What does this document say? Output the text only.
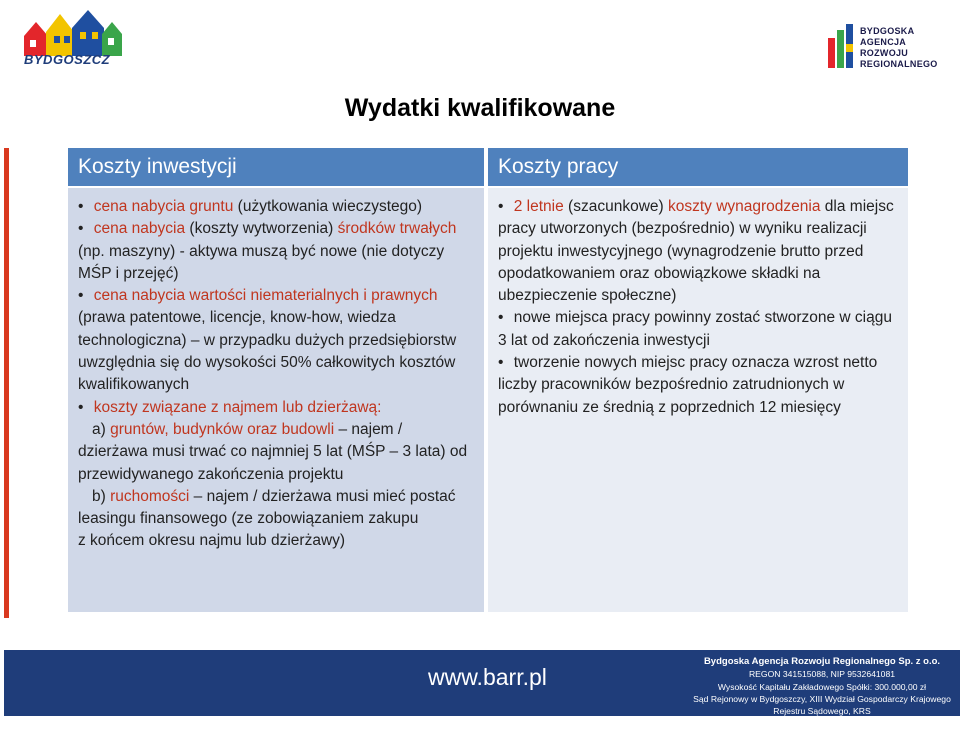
BYDGOSZCZ
BYDGOSKA
AGENCJA
ROZWOJU
REGIONALNEGO
Wydatki kwalifikowane
Koszty inwestycji

• cena nabycia gruntu (użytkowania wieczystego)

• cena nabycia (koszty wytworzenia) środków trwałych (np. maszyny) - aktywa muszą być nowe (nie dotyczy MŚP i przejęć)

• cena nabycia wartości niematerialnych i prawnych (prawa patentowe, licencje, know-how, wiedza technologiczna) – w przypadku dużych przedsiębiorstw uwzględnia się do wysokości 50% całkowitych kosztów kwalifikowanych

• koszty związane z najmem lub dzierżawą:

a) gruntów, budynków oraz budowli – najem / dzierżawa musi trwać co najmniej 5 lat (MŚP – 3 lata) od przewidywanego zakończenia projektu

b) ruchomości – najem / dzierżawa musi mieć postać leasingu finansowego (ze zobowiązaniem zakupu

z końcem okresu najmu lub dzierżawy)

Koszty pracy

• 2 letnie (szacunkowe) koszty wynagrodzenia dla miejsc pracy utworzonych (bezpośrednio) w wyniku realizacji projektu inwestycyjnego (wynagrodzenie brutto przed opodatkowaniem oraz obowiązkowe składki na ubezpieczenie społeczne)

• nowe miejsca pracy powinny zostać stworzone w ciągu 3 lat od zakończenia inwestycji

• tworzenie nowych miejsc pracy oznacza wzrost netto liczby pracowników bezpośrednio zatrudnionych w porównaniu ze średnią z poprzednich 12 miesięcy

www.barr.pl
Bydgoska Agencja Rozwoju Regionalnego Sp. z o.o.
REGON 341515088, NIP 9532641081
Wysokość Kapitału Zakładowego Spółki: 300.000,00 zł
Sąd Rejonowy w Bydgoszczy, XIII Wydział Gospodarczy Krajowego Rejestru Sądowego, KRS
0000489734
